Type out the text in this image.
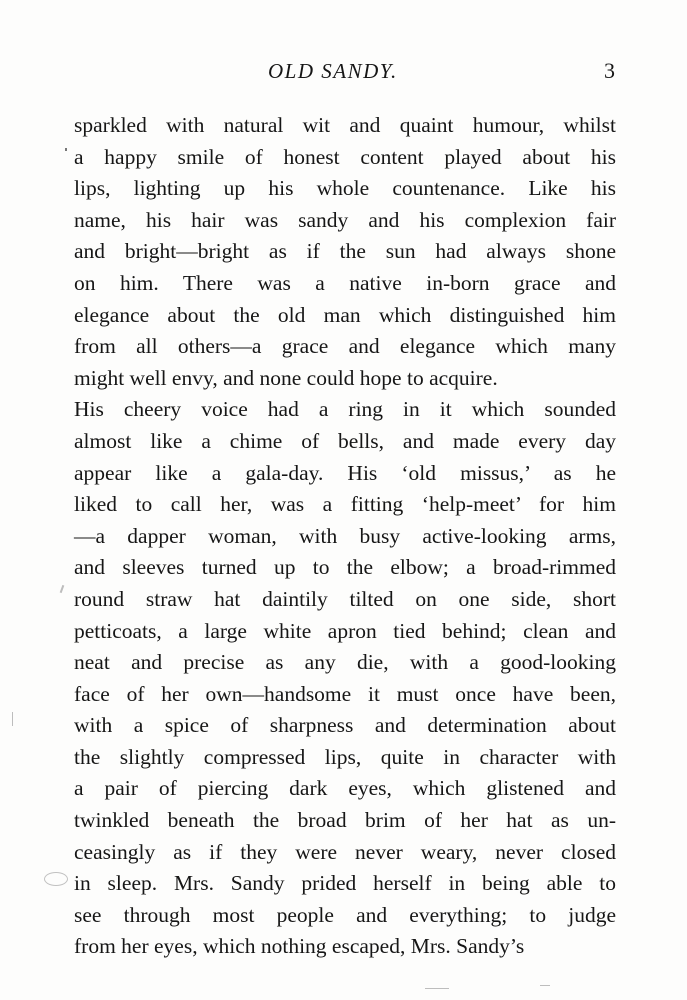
OLD SANDY.	3
sparkled with natural wit and quaint humour, whilst
a happy smile of honest content played about his
lips, lighting up his whole countenance. Like his
name, his hair was sandy and his complexion fair
and bright—bright as if the sun had always shone
on him. There was a native in-born grace and
elegance about the old man which distinguished him
from all others—a grace and elegance which many
might well envy, and none could hope to acquire.
His cheery voice had a ring in it which sounded
almost like a chime of bells, and made every day
appear like a gala-day. His ‘old missus,’ as he
liked to call her, was a fitting ‘help-meet’ for him
—a dapper woman, with busy active-looking arms,
and sleeves turned up to the elbow; a broad-rimmed
round straw hat daintily tilted on one side, short
petticoats, a large white apron tied behind; clean and
neat and precise as any die, with a good-looking
face of her own—handsome it must once have been,
with a spice of sharpness and determination about
the slightly compressed lips, quite in character with
a pair of piercing dark eyes, which glistened and
twinkled beneath the broad brim of her hat as un-
ceasingly as if they were never weary, never closed
in sleep. Mrs. Sandy prided herself in being able to
see through most people and everything; to judge
from her eyes, which nothing escaped, Mrs. Sandy’s
